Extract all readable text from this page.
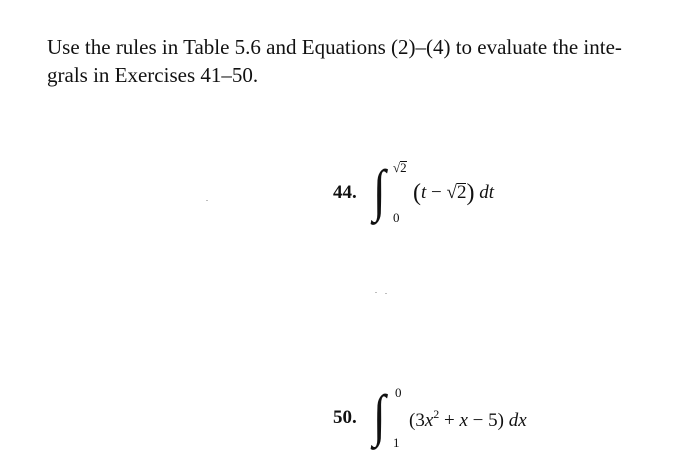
Use the rules in Table 5.6 and Equations (2)–(4) to evaluate the inte-
grals in Exercises 41–50.
44. ∫ √2
0
(t − √2) dt
50. ∫ 0
1
$(3x^2 + x - 5)$ dx
